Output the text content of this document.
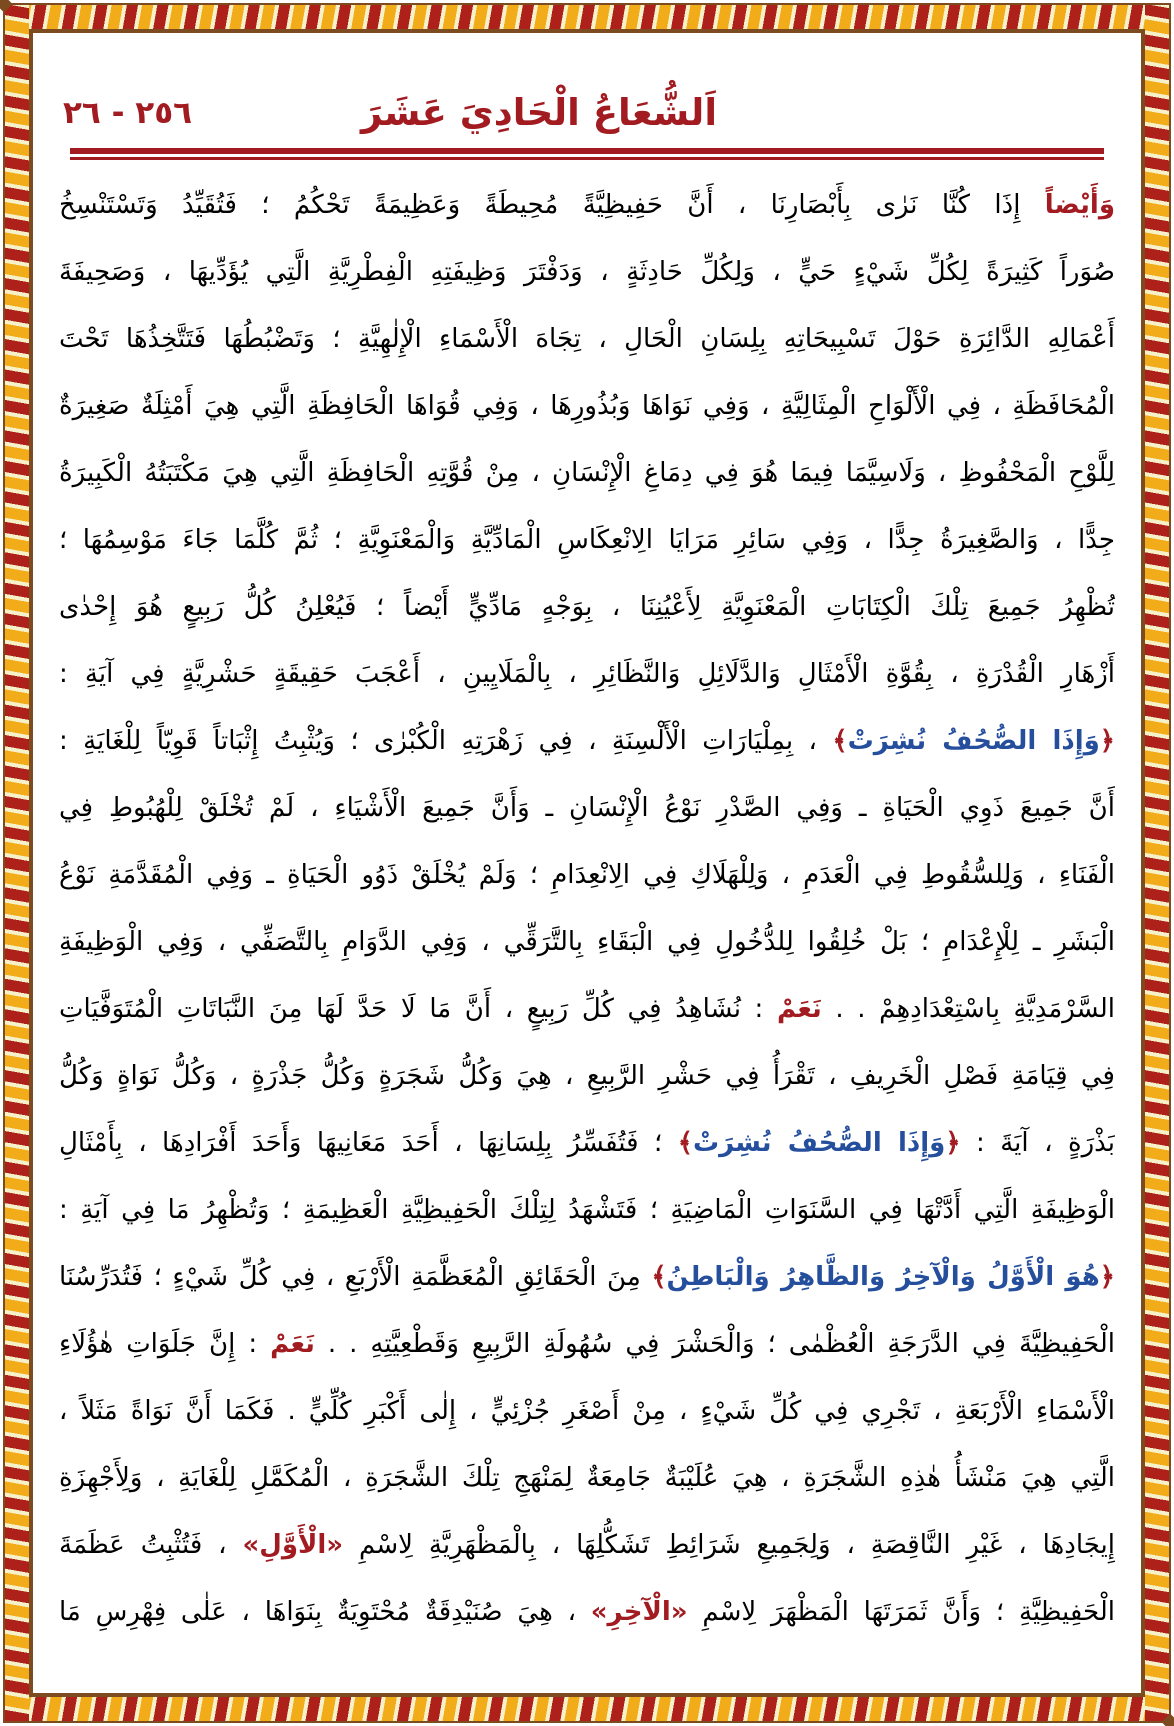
اَلشُّعَاعُ الْحَادِيَ عَشَرَ
٢٥٦ - ٢٦
وَأَيْضاً إِذَا كُنَّا نَرٰى بِأَبْصَارِنَا ، أَنَّ حَفِيظِيَّةً مُحِيطَةً وَعَظِيمَةً تَحْكُمُ ؛ فَتُقَيِّدُ وَتَسْتَنْسِخُ
صُوَراً كَثِيرَةً لِكُلِّ شَيْءٍ حَيٍّ ، وَلِكُلِّ حَادِثَةٍ ، وَدَفْتَرَ وَظِيفَتِهِ الْفِطْرِيَّةِ الَّتِي يُؤَدِّيهَا ، وَصَحِيفَةَ
أَعْمَالِهِ الدَّائِرَةِ حَوْلَ تَسْبِيحَاتِهِ بِلِسَانِ الْحَالِ ، تِجَاهَ الْأَسْمَاءِ الْإِلٰهِيَّةِ ؛ وَتَضْبُطُهَا فَتَتَّخِذُهَا تَحْتَ
الْمُحَافَظَةِ ، فِي الْأَلْوَاحِ الْمِثَالِيَّةِ ، وَفِي نَوَاهَا وَبُذُورِهَا ، وَفِي قُوَاهَا الْحَافِظَةِ الَّتِي هِيَ أَمْثِلَةٌ صَغِيرَةٌ
لِلَّوْحِ الْمَحْفُوظِ ، وَلَاسِيَّمَا فِيمَا هُوَ فِي دِمَاغِ الْإِنْسَانِ ، مِنْ قُوَّتِهِ الْحَافِظَةِ الَّتِي هِيَ مَكْتَبَتُهُ الْكَبِيرَةُ
جِدًّا ، وَالصَّغِيرَةُ جِدًّا ، وَفِي سَائِرِ مَرَايَا الِانْعِكَاسِ الْمَادِّيَّةِ وَالْمَعْنَوِيَّةِ ؛ ثُمَّ كُلَّمَا جَاءَ مَوْسِمُهَا ؛
تُظْهِرُ جَمِيعَ تِلْكَ الْكِتَابَاتِ الْمَعْنَوِيَّةِ لِأَعْيُنِنَا ، بِوَجْهٍ مَادِّيٍّ أَيْضاً ؛ فَيُعْلِنُ كُلُّ رَبِيعٍ هُوَ إِحْدٰى
أَزْهَارِ الْقُدْرَةِ ، بِقُوَّةِ الْأَمْثَالِ وَالدَّلَائِلِ وَالنَّظَائِرِ ، بِالْمَلَايِينِ ، أَعْجَبَ حَقِيقَةٍ حَشْرِيَّةٍ فِي آيَةِ :
﴿وَإِذَا الصُّحُفُ نُشِرَتْ﴾ ، بِمِلْيَارَاتِ الْأَلْسِنَةِ ، فِي زَهْرَتِهِ الْكُبْرٰى ؛ وَيُثْبِتُ إِثْبَاتاً قَوِيّاً لِلْغَايَةِ :
أَنَّ جَمِيعَ ذَوِي الْحَيَاةِ ـ وَفِي الصَّدْرِ نَوْعُ الْإِنْسَانِ ـ وَأَنَّ جَمِيعَ الْأَشْيَاءِ ، لَمْ تُخْلَقْ لِلْهُبُوطِ فِي
الْفَنَاءِ ، وَلِلسُّقُوطِ فِي الْعَدَمِ ، وَلِلْهَلَاكِ فِي الِانْعِدَامِ ؛ وَلَمْ يُخْلَقْ ذَوُو الْحَيَاةِ ـ وَفِي الْمُقَدَّمَةِ نَوْعُ
الْبَشَرِ ـ لِلْإِعْدَامِ ؛ بَلْ خُلِقُوا لِلدُّخُولِ فِي الْبَقَاءِ بِالتَّرَقِّي ، وَفِي الدَّوَامِ بِالتَّصَفِّي ، وَفِي الْوَظِيفَةِ
السَّرْمَدِيَّةِ بِاسْتِعْدَادِهِمْ . . نَعَمْ : نُشَاهِدُ فِي كُلِّ رَبِيعٍ ، أَنَّ مَا لَا حَدَّ لَهَا مِنَ النَّبَاتَاتِ الْمُتَوَفَّيَاتِ
فِي قِيَامَةِ فَصْلِ الْخَرِيفِ ، تَقْرَأُ فِي حَشْرِ الرَّبِيعِ ، هِيَ وَكُلُّ شَجَرَةٍ وَكُلُّ جَذْرَةٍ ، وَكُلُّ نَوَاةٍ وَكُلُّ
بَذْرَةٍ ، آيَةَ : ﴿وَإِذَا الصُّحُفُ نُشِرَتْ﴾ ؛ فَتُفَسِّرُ بِلِسَانِهَا ، أَحَدَ مَعَانِيهَا وَأَحَدَ أَفْرَادِهَا ، بِأَمْثَالِ
الْوَظِيفَةِ الَّتِي أَدَّتْهَا فِي السَّنَوَاتِ الْمَاضِيَةِ ؛ فَتَشْهَدُ لِتِلْكَ الْحَفِيظِيَّةِ الْعَظِيمَةِ ؛ وَتُظْهِرُ مَا فِي آيَةِ :
﴿هُوَ الْأَوَّلُ وَالْآخِرُ وَالظَّاهِرُ وَالْبَاطِنُ﴾ مِنَ الْحَقَائِقِ الْمُعَظَّمَةِ الْأَرْبَعِ ، فِي كُلِّ شَيْءٍ ؛ فَتُدَرِّسُنَا
الْحَفِيظِيَّةَ فِي الدَّرَجَةِ الْعُظْمٰى ؛ وَالْحَشْرَ فِي سُهُولَةِ الرَّبِيعِ وَقَطْعِيَّتِهِ . . نَعَمْ : إِنَّ جَلَوَاتِ هٰؤُلَاءِ
الْأَسْمَاءِ الْأَرْبَعَةِ ، تَجْرِي فِي كُلِّ شَيْءٍ ، مِنْ أَصْغَرِ جُزْئِيٍّ ، إِلٰى أَكْبَرِ كُلِّيٍّ . فَكَمَا أَنَّ نَوَاةً مَثَلاً ،
الَّتِي هِيَ مَنْشَأُ هٰذِهِ الشَّجَرَةِ ، هِيَ عُلَيْبَةٌ جَامِعَةٌ لِمَنْهَجِ تِلْكَ الشَّجَرَةِ ، الْمُكَمَّلِ لِلْغَايَةِ ، وَلِأَجْهِزَةِ
إِيجَادِهَا ، غَيْرِ النَّاقِصَةِ ، وَلِجَمِيعِ شَرَائِطِ تَشَكُّلِهَا ، بِالْمَظْهَرِيَّةِ لِاسْمِ «الْأَوَّلِ» ، فَتُثْبِتُ عَظَمَةَ
الْحَفِيظِيَّةِ ؛ وَأَنَّ ثَمَرَتَهَا الْمَظْهَرَ لِاسْمِ «الْآخِرِ» ، هِيَ صُنَيْدِقَةٌ مُحْتَوِيَةٌ بِنَوَاهَا ، عَلٰى فِهْرِسِ مَا
